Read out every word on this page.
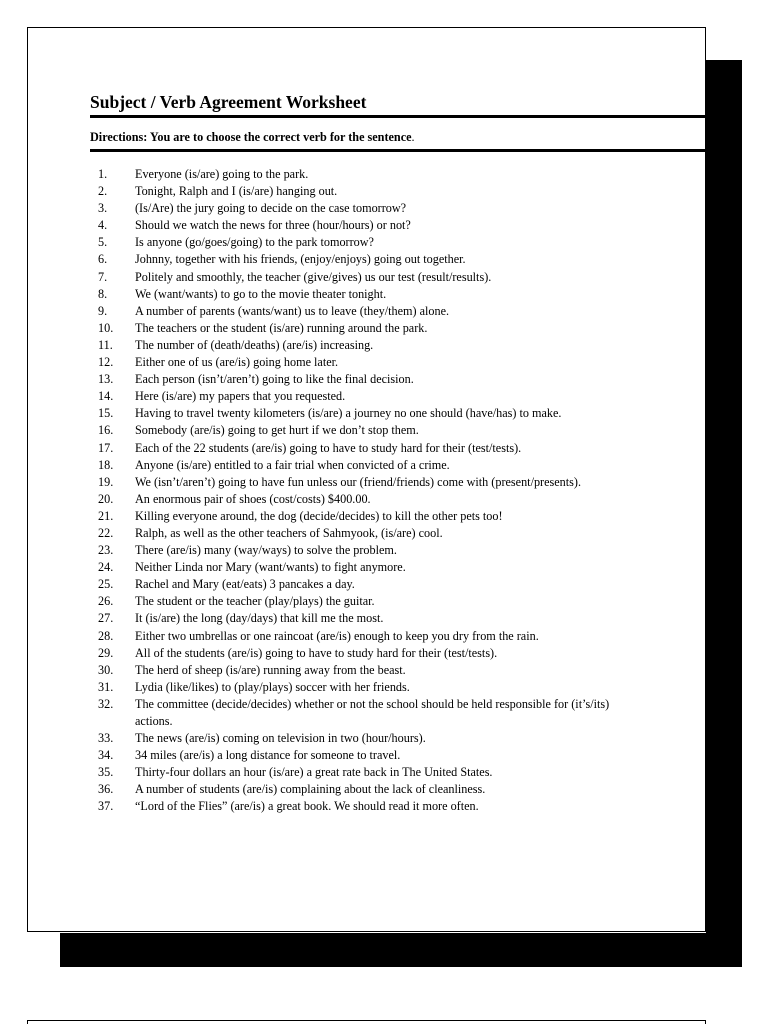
Subject / Verb Agreement Worksheet

Directions: You are to choose the correct verb for the sentence.

1.	Everyone (is/are) going to the park.
2.	Tonight, Ralph and I (is/are) hanging out.
3.	(Is/Are) the jury going to decide on the case tomorrow?
4.	Should we watch the news for three (hour/hours) or not?
5.	Is anyone (go/goes/going) to the park tomorrow?
6.	Johnny, together with his friends, (enjoy/enjoys) going out together.
7.	Politely and smoothly, the teacher (give/gives) us our test (result/results).
8.	We (want/wants) to go to the movie theater tonight.
9.	A number of parents (wants/want) us to leave (they/them) alone.
10.	The teachers or the student (is/are) running around the park.
11.	The number of (death/deaths) (are/is) increasing.
12.	Either one of us (are/is) going home later.
13.	Each person (isn’t/aren’t) going to like the final decision.
14.	Here (is/are) my papers that you requested.
15.	Having to travel twenty kilometers (is/are) a journey no one should (have/has) to make.
16.	Somebody (are/is) going to get hurt if we don’t stop them.
17.	Each of the 22 students (are/is) going to have to study hard for their (test/tests).
18.	Anyone (is/are) entitled to a fair trial when convicted of a crime.
19.	We (isn’t/aren’t) going to have fun unless our (friend/friends) come with (present/presents).
20.	An enormous pair of shoes (cost/costs) $400.00.
21.	Killing everyone around, the dog (decide/decides) to kill the other pets too!
22.	Ralph, as well as the other teachers of Sahmyook, (is/are) cool.
23.	There (are/is) many (way/ways) to solve the problem.
24.	Neither Linda nor Mary (want/wants) to fight anymore.
25.	Rachel and Mary (eat/eats) 3 pancakes a day.
26.	The student or the teacher (play/plays) the guitar.
27.	It (is/are) the long (day/days) that kill me the most.
28.	Either two umbrellas or one raincoat (are/is) enough to keep you dry from the rain.
29.	All of the students (are/is) going to have to study hard for their (test/tests).
30.	The herd of sheep (is/are) running away from the beast.
31.	Lydia (like/likes) to (play/plays) soccer with her friends.
32.	The committee (decide/decides) whether or not the school should be held responsible for (it’s/its) actions.
33.	The news (are/is) coming on television in two (hour/hours).
34.	34 miles (are/is) a long distance for someone to travel.
35.	Thirty-four dollars an hour (is/are) a great rate back in The United States.
36.	A number of students (are/is) complaining about the lack of cleanliness.
37.	“Lord of the Flies” (are/is) a great book. We should read it more often.
